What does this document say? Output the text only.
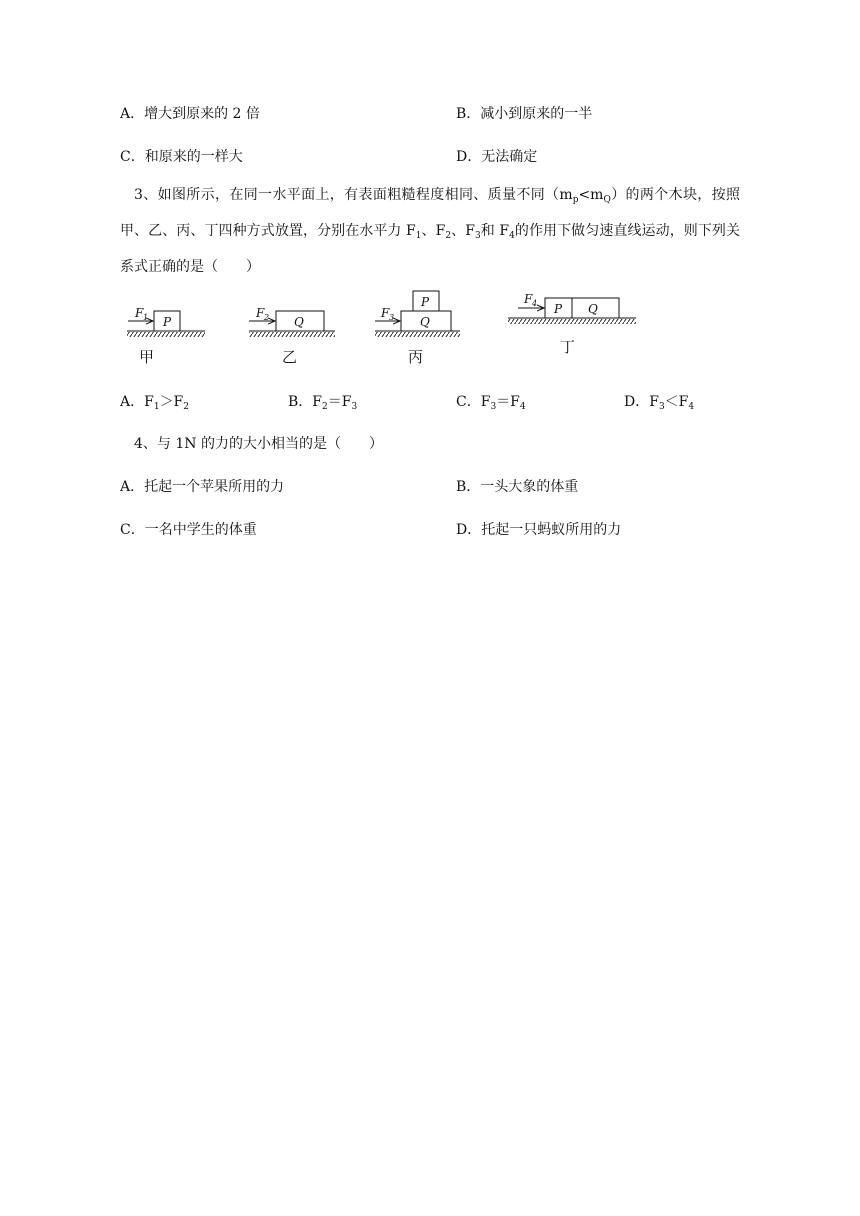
A．增大到原来的 2 倍	B．减小到原来的一半
C．和原来的一样大	D．无法确定
3、如图所示，在同一水平面上，有表面粗糙程度相同、质量不同$(m_p<m_Q)$的两个木块，按照甲、乙、丙、丁四种方式放置，分别在水平力 $F_1$、$F_2$、$F_3$和 $F_4$的作用下做匀速直线运动，则下列关系式正确的是（　　）
P
F 1
甲
Q
F 2
乙
P
Q
F 3
丙
P Q
F 4
丁
A．$F_1>F_2$	B．$F_2=F_3$	C．$F_3=F_4$	D．$F_3<F_4$
4、与 1N 的力的大小相当的是（　　）
A．托起一个苹果所用的力	B．一头大象的体重
C．一名中学生的体重	D．托起一只蚂蚁所用的力
